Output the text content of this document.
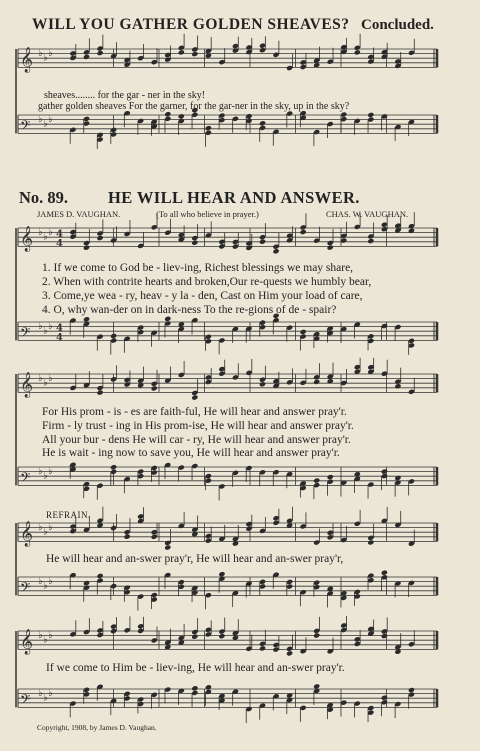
𝄞 ♭ ♭ ♭
𝄢 ♭ ♭ ♭
𝄞 ♭ ♭ ♭ 4
4
𝄢 ♭ ♭ ♭ 4
4
𝄞 ♭ ♭ ♭
𝄢 ♭ ♭ ♭
𝄞 ♭ ♭ ♭
𝄢 ♭ ♭ ♭
𝄞 ♭ ♭ ♭
𝄢 ♭ ♭ ♭
WILL YOU GATHER GOLDEN SHEAVES? Concluded.
sheaves........ for the gar - ner in the sky!
gather golden sheaves For the garner, for the gar-ner in the sky, up in the sky?
No. 89. HE WILL HEAR AND ANSWER.
JAMES D. VAUGHAN.	(To all who believe in prayer.)	CHAS. W. VAUGHAN.
1. If we come to God be - liev-ing, Richest blessings we may share,
2. When with contrite hearts and broken,Our re-quests we humbly bear,
3. Come,ye wea - ry, heav - y la - den, Cast on Him your load of care,
4. O, why wan-der on in dark-ness To the re-gions of de - spair?
For His prom - is - es are faith-ful, He will hear and answer pray'r.
Firm - ly trust - ing in His prom-ise, He will hear and answer pray'r.
All your bur - dens He will car - ry, He will hear and answer pray'r.
He is wait - ing now to save you, He will hear and answer pray'r.
REFRAIN.
He will hear and an-swer pray'r, He will hear and an-swer pray'r,
If we come to Him be - liev-ing, He will hear and an-swer pray'r.
Copyright, 1908, by James D. Vaughan.
